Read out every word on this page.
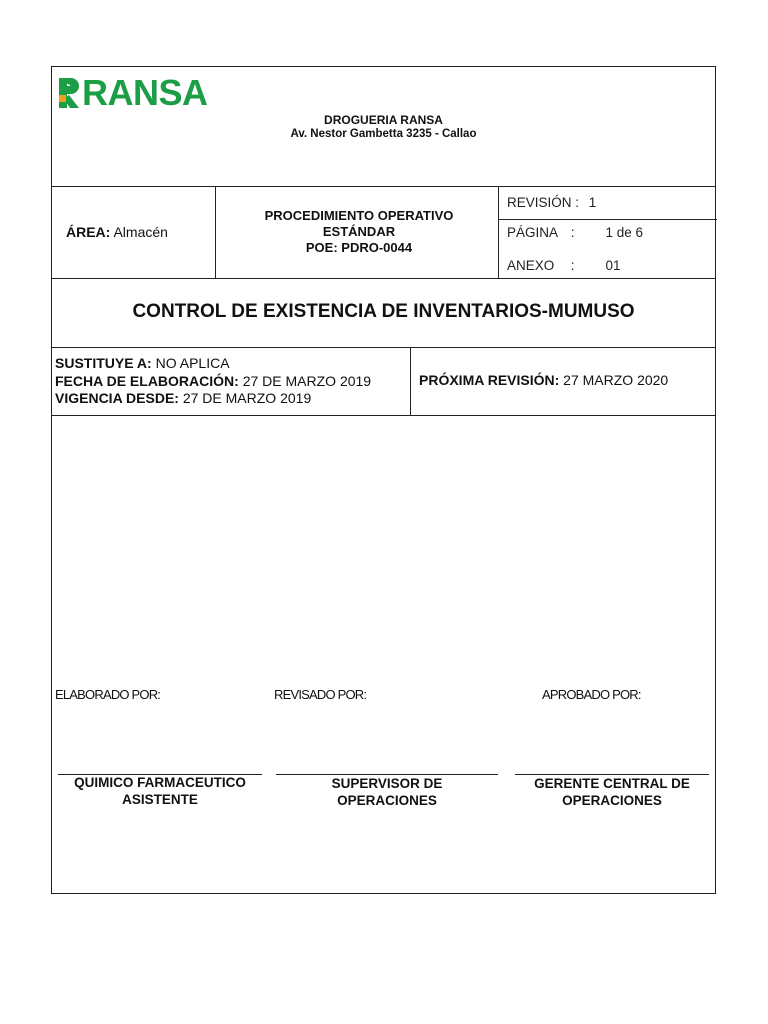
RANSA
DROGUERIA RANSA
Av. Nestor Gambetta 3235 - Callao
ÁREA: Almacén
PROCEDIMIENTO OPERATIVO
ESTÁNDAR
POE: PDRO-0044
REVISIÓN : 1
PÁGINA : 1 de 6
ANEXO : 01
CONTROL DE EXISTENCIA DE INVENTARIOS-MUMUSO
SUSTITUYE A: NO APLICA
FECHA DE ELABORACIÓN: 27 DE MARZO 2019
VIGENCIA DESDE: 27 DE MARZO 2019
PRÓXIMA REVISIÓN: 27 MARZO 2020
ELABORADO POR:	REVISADO POR:	APROBADO POR:
QUIMICO FARMACEUTICO
ASISTENTE
SUPERVISOR DE
OPERACIONES
GERENTE CENTRAL DE
OPERACIONES
